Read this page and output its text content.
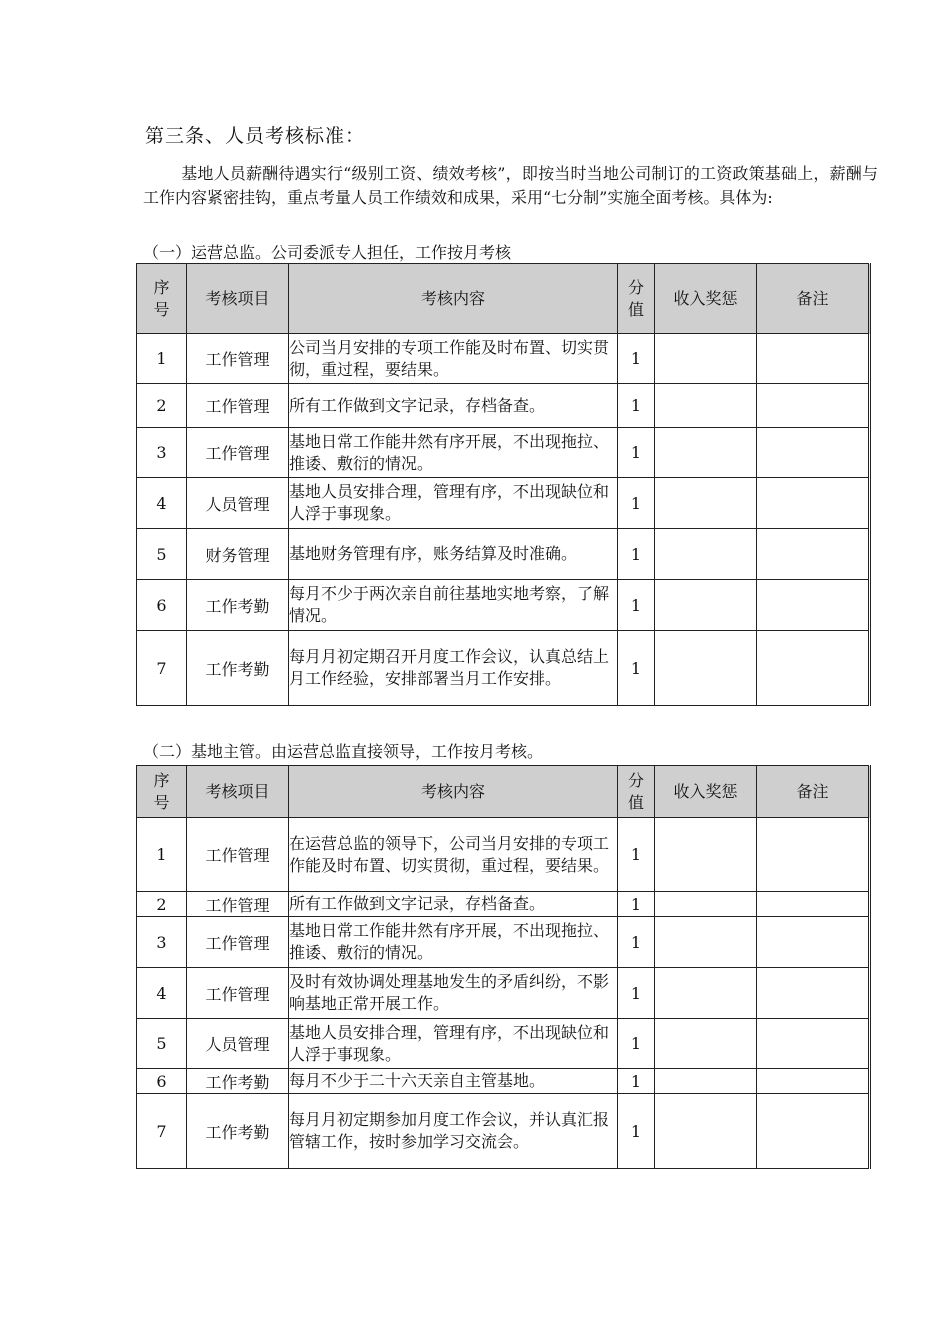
第三条、人员考核标准：
基地人员薪酬待遇实行“级别工资、绩效考核”，即按当时当地公司制订的工资政策基础上，薪酬与工作内容紧密挂钩，重点考量人员工作绩效和成果，采用“七分制”实施全面考核。具体为:
（一）运营总监。公司委派专人担任，工作按月考核
序号	考核项目	考核内容	分值	收入奖惩	备注
1	工作管理	公司当月安排的专项工作能及时布置、切实贯彻，重过程，要结果。	1		
2	工作管理	所有工作做到文字记录，存档备查。	1		
3	工作管理	基地日常工作能井然有序开展，不出现拖拉、推诿、敷衍的情况。	1		
4	人员管理	基地人员安排合理，管理有序，不出现缺位和人浮于事现象。	1		
5	财务管理	基地财务管理有序，账务结算及时准确。	1		
6	工作考勤	每月不少于两次亲自前往基地实地考察，了解情况。	1		
7	工作考勤	每月月初定期召开月度工作会议，认真总结上月工作经验，安排部署当月工作安排。	1		
（二）基地主管。由运营总监直接领导，工作按月考核。
序号	考核项目	考核内容	分值	收入奖惩	备注
1	工作管理	在运营总监的领导下，公司当月安排的专项工作能及时布置、切实贯彻，重过程，要结果。	1		
2	工作管理	所有工作做到文字记录，存档备查。	1		
3	工作管理	基地日常工作能井然有序开展，不出现拖拉、推诿、敷衍的情况。	1		
4	工作管理	及时有效协调处理基地发生的矛盾纠纷，不影响基地正常开展工作。	1		
5	人员管理	基地人员安排合理，管理有序，不出现缺位和人浮于事现象。	1		
6	工作考勤	每月不少于二十六天亲自主管基地。	1		
7	工作考勤	每月月初定期参加月度工作会议，并认真汇报管辖工作，按时参加学习交流会。	1		
